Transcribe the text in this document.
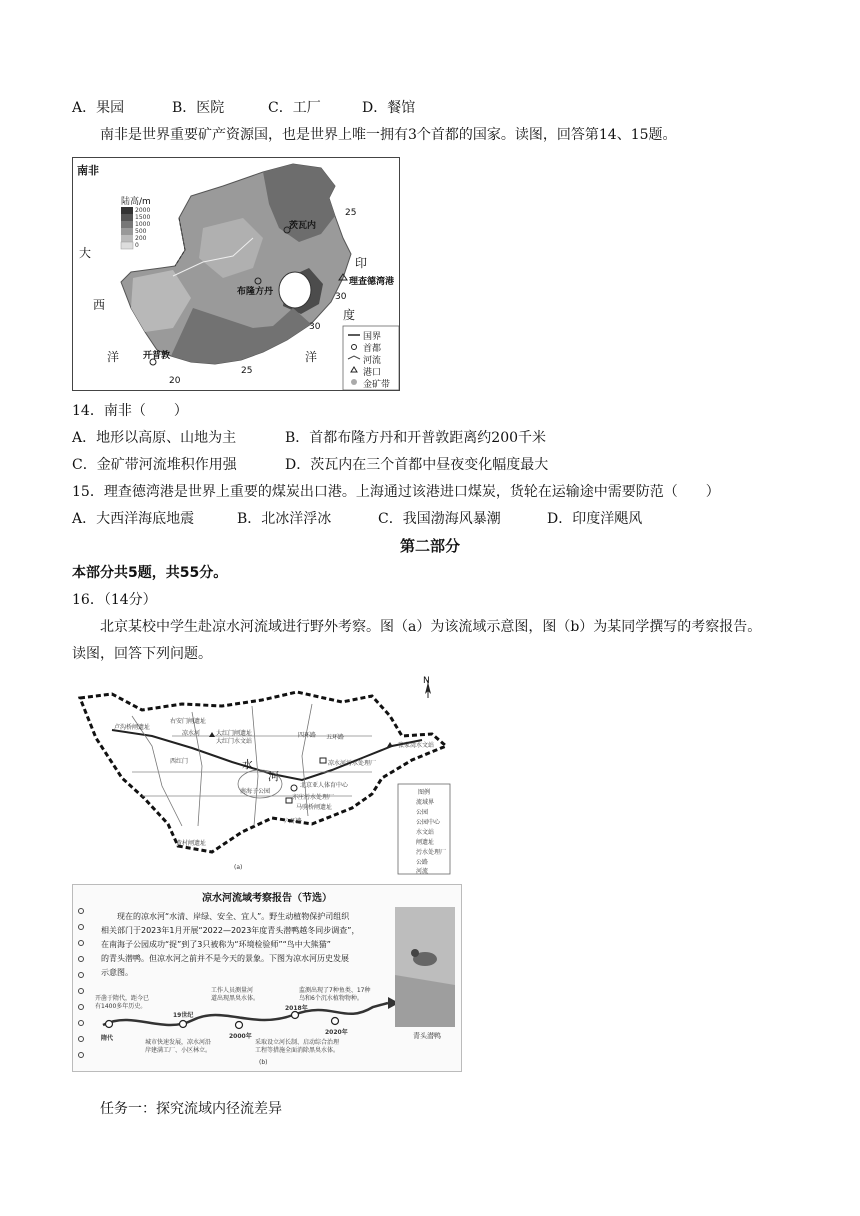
A．果园	B．医院	C．工厂	D．餐馆
南非是世界重要矿产资源国，也是世界上唯一拥有3个首都的国家。读图，回答第14、15题。
南非
陆高/m
2000
1500
1000
500
200
0
大
西
洋
印
度
洋
茨瓦内
布隆方丹
开普敦
理查德湾港
25
30
30
20
25
国界
首都
河流
港口
金矿带
14．南非（　　）
A．地形以高原、山地为主	B．首都布隆方丹和开普敦距离约200千米
C．金矿带河流堆积作用强	D．茨瓦内在三个首都中昼夜变化幅度最大
15．理查德湾港是世界上重要的煤炭出口港。上海通过该港进口煤炭，货轮在运输途中需要防范（　　）
A．大西洋海底地震	B．北冰洋浮冰	C．我国渤海风暴潮	D．印度洋飓风
第二部分
本部分共5题，共55分。
16．（14分）
北京某校中学生赴凉水河流域进行野外考察。图（a）为该流域示意图，图（b）为某同学撰写的考察报告。
读图，回答下列问题。
N
水
河
右安门闸遗址
凉水河	大红门闸遗址
大红门水文站
北京亚人体育中心
凉水河污水处理厂
马驹桥闸遗址
张家湾水文站
南海子公园
亦庄污水处理厂
六环路
五环路
四环路
卢沟桥闸遗址
西红门
黄村闸遗址
图例
流域界
公园
公园中心
水文站
闸遗址
污水处理厂
公路
河流
(a)
凉水河流域考察报告（节选）
　　现在的凉水河“水清、岸绿、安全、宜人”。野生动植物保护司组织
相关部门于2023年1月开展“2022—2023年度青头潜鸭越冬同步调查”，
在南海子公园成功“捉”到了3只被称为“环境检验师”“鸟中大熊猫”
的青头潜鸭。但凉水河之前并不是今天的景象。下图为凉水河历史发展
示意图。
开凿于隋代，距今已
有1400多年历史。
工作人员测量河
道出现黑臭水体。
监测出现了7种鱼类、17种
鸟和6个沉水植物物种。
隋代
19世纪
2000年
2018年
2020年
城市快速发展，凉水河沿
岸建满工厂、小区林立。
采取设立河长制、启动综合治理
工程等措施全面消除黑臭水体。
青头潜鸭
(b)
任务一：探究流域内径流差异
